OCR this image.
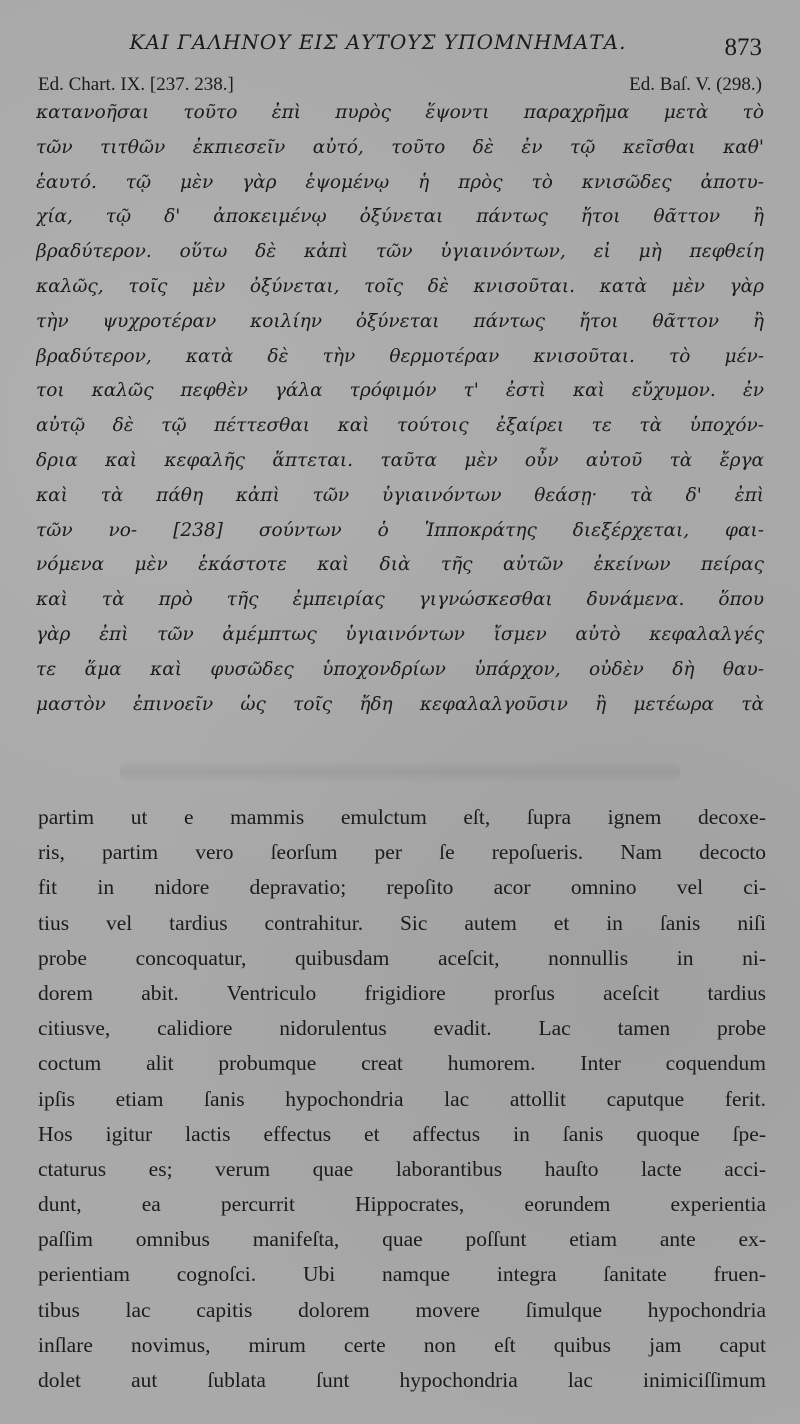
ΚΑΙ ΓΑΛΗΝΟΥ ΕΙΣ ΑΥΤΟΥΣ ΥΠΟΜΝΗΜΑΤΑ.	873
Ed. Chart. IX. [237. 238.]	Ed. Baſ. V. (298.)
κατανοῆσαι τοῦτο ἐπὶ πυρὸς ἕψοντι παραχρῆμα μετὰ τὸ
τῶν τιτθῶν ἐκπιεσεῖν αὐτό, τοῦτο δὲ ἐν τῷ κεῖσθαι καθ'
ἑαυτό. τῷ μὲν γὰρ ἑψομένῳ ἡ πρὸς τὸ κνισῶδες ἀποτυ-
χία, τῷ δ' ἀποκειμένῳ ὀξύνεται πάντως ἤτοι θᾶττον ἢ
βραδύτερον. οὕτω δὲ κἀπὶ τῶν ὑγιαινόντων, εἰ μὴ πεφθείη
καλῶς, τοῖς μὲν ὀξύνεται, τοῖς δὲ κνισοῦται. κατὰ μὲν γὰρ
τὴν ψυχροτέραν κοιλίην ὀξύνεται πάντως ἤτοι θᾶττον ἢ
βραδύτερον, κατὰ δὲ τὴν θερμοτέραν κνισοῦται. τὸ μέν-
τοι καλῶς πεφθὲν γάλα τρόφιμόν τ' ἐστὶ καὶ εὔχυμον. ἐν
αὐτῷ δὲ τῷ πέττεσθαι καὶ τούτοις ἐξαίρει τε τὰ ὑποχόν-
δρια καὶ κεφαλῆς ἅπτεται. ταῦτα μὲν οὖν αὐτοῦ τὰ ἔργα
καὶ τὰ πάθη κἀπὶ τῶν ὑγιαινόντων θεάσῃ· τὰ δ' ἐπὶ
τῶν νο- [238] σούντων ὁ Ἱπποκράτης διεξέρχεται, φαι-
νόμενα μὲν ἑκάστοτε καὶ διὰ τῆς αὐτῶν ἐκείνων πείρας
καὶ τὰ πρὸ τῆς ἐμπειρίας γιγνώσκεσθαι δυνάμενα. ὅπου
γὰρ ἐπὶ τῶν ἀμέμπτως ὑγιαινόντων ἴσμεν αὐτὸ κεφαλαλγές
τε ἅμα καὶ φυσῶδες ὑποχονδρίων ὑπάρχον, οὐδὲν δὴ θαυ-
μαστὸν ἐπινοεῖν ὡς τοῖς ἤδη κεφαλαλγοῦσιν ἢ μετέωρα τὰ
partim ut e mammis emulctum eſt, ſupra ignem decoxe-
ris, partim vero ſeorſum per ſe repoſueris. Nam decocto
fit in nidore depravatio; repoſito acor omnino vel ci-
tius vel tardius contrahitur. Sic autem et in ſanis niſi
probe concoquatur, quibusdam aceſcit, nonnullis in ni-
dorem abit. Ventriculo frigidiore prorſus aceſcit tardius
citiusve, calidiore nidorulentus evadit. Lac tamen probe
coctum alit probumque creat humorem. Inter coquendum
ipſis etiam ſanis hypochondria lac attollit caputque ferit.
Hos igitur lactis effectus et affectus in ſanis quoque ſpe-
ctaturus es; verum quae laborantibus hauſto lacte acci-
dunt, ea percurrit Hippocrates, eorundem experientia
paſſim omnibus manifeſta, quae poſſunt etiam ante ex-
perientiam cognoſci. Ubi namque integra ſanitate fruen-
tibus lac capitis dolorem movere ſimulque hypochondria
inſlare novimus, mirum certe non eſt quibus jam caput
dolet aut ſublata ſunt hypochondria lac inimiciſſimum
